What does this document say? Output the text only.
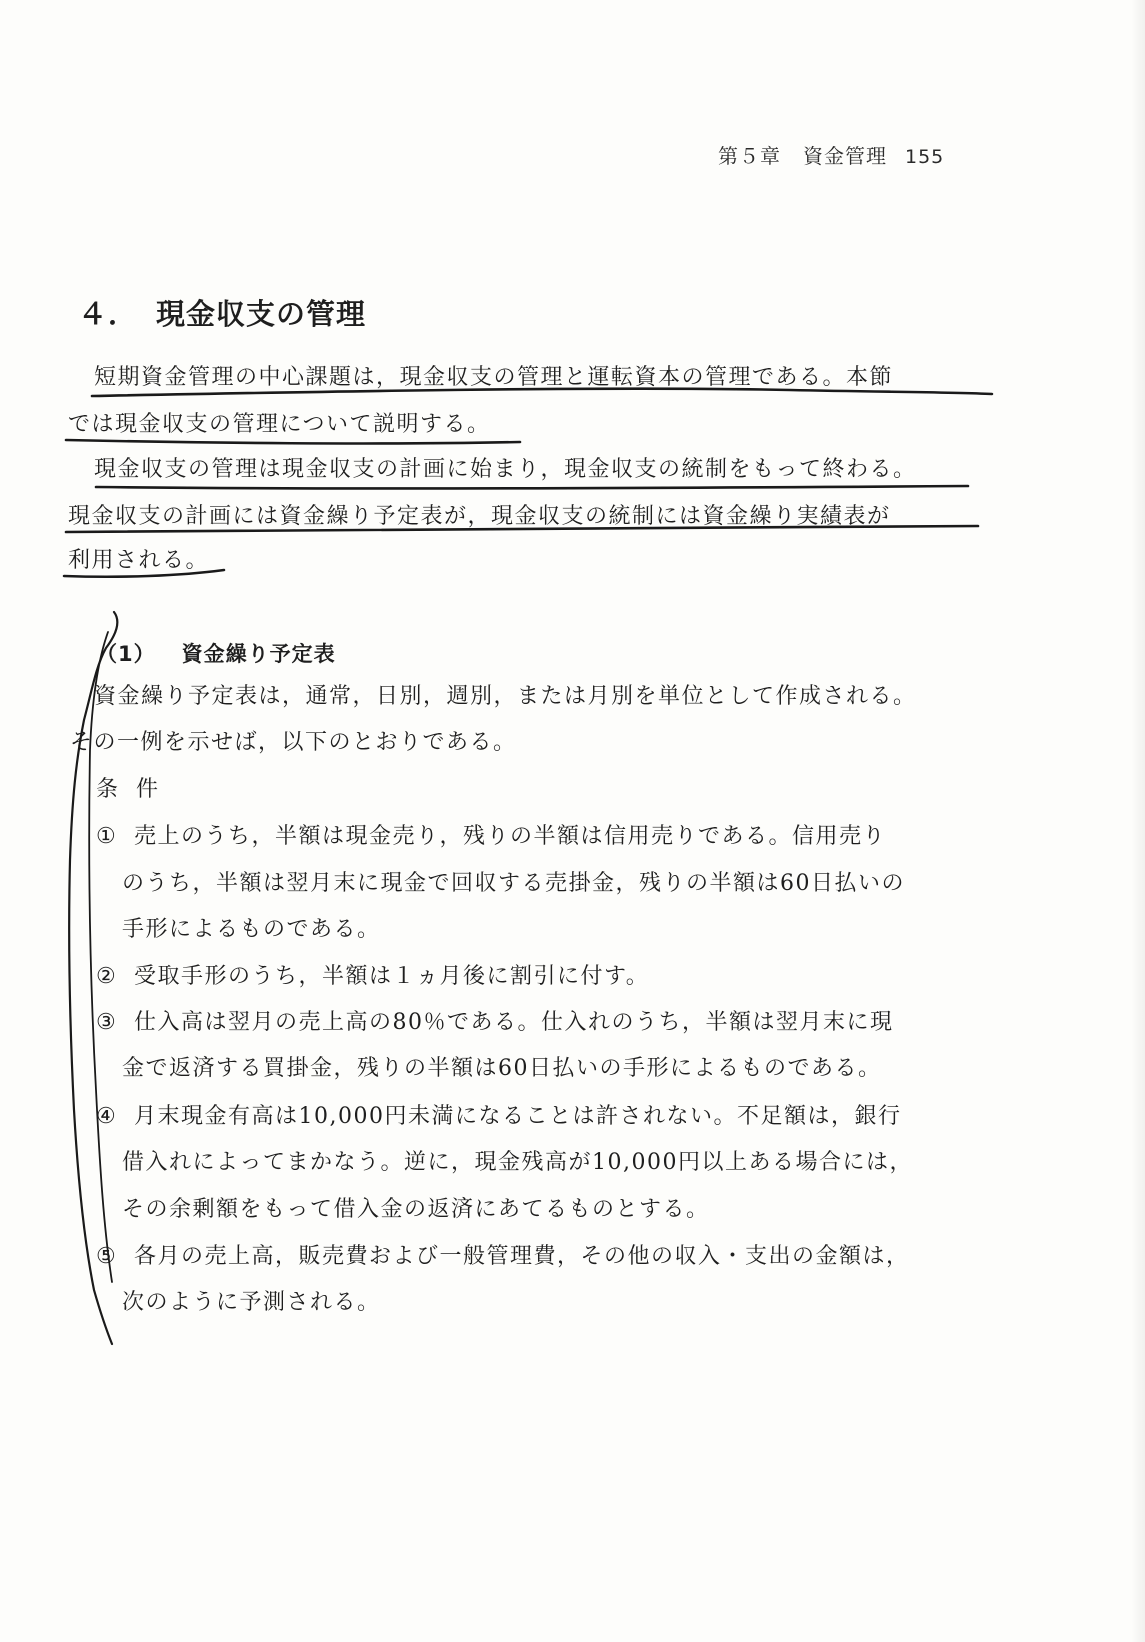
第５章 資金管理 155
４． 現金収支の管理
短期資金管理の中心課題は，現金収支の管理と運転資本の管理である。本節
では現金収支の管理について説明する。
現金収支の管理は現金収支の計画に始まり，現金収支の統制をもって終わる。
現金収支の計画には資金繰り予定表が，現金収支の統制には資金繰り実績表が
利用される。
（1） 資金繰り予定表
資金繰り予定表は，通常，日別，週別，または月別を単位として作成される。
その一例を示せば，以下のとおりである。
条件
① 売上のうち，半額は現金売り，残りの半額は信用売りである。信用売り
のうち，半額は翌月末に現金で回収する売掛金，残りの半額は60日払いの
手形によるものである。
② 受取手形のうち，半額は１ヵ月後に割引に付す。
③ 仕入高は翌月の売上高の80％である。仕入れのうち，半額は翌月末に現
金で返済する買掛金，残りの半額は60日払いの手形によるものである。
④ 月末現金有高は10,000円未満になることは許されない。不足額は，銀行
借入れによってまかなう。逆に，現金残高が10,000円以上ある場合には，
その余剰額をもって借入金の返済にあてるものとする。
⑤ 各月の売上高，販売費および一般管理費，その他の収入・支出の金額は，
次のように予測される。
